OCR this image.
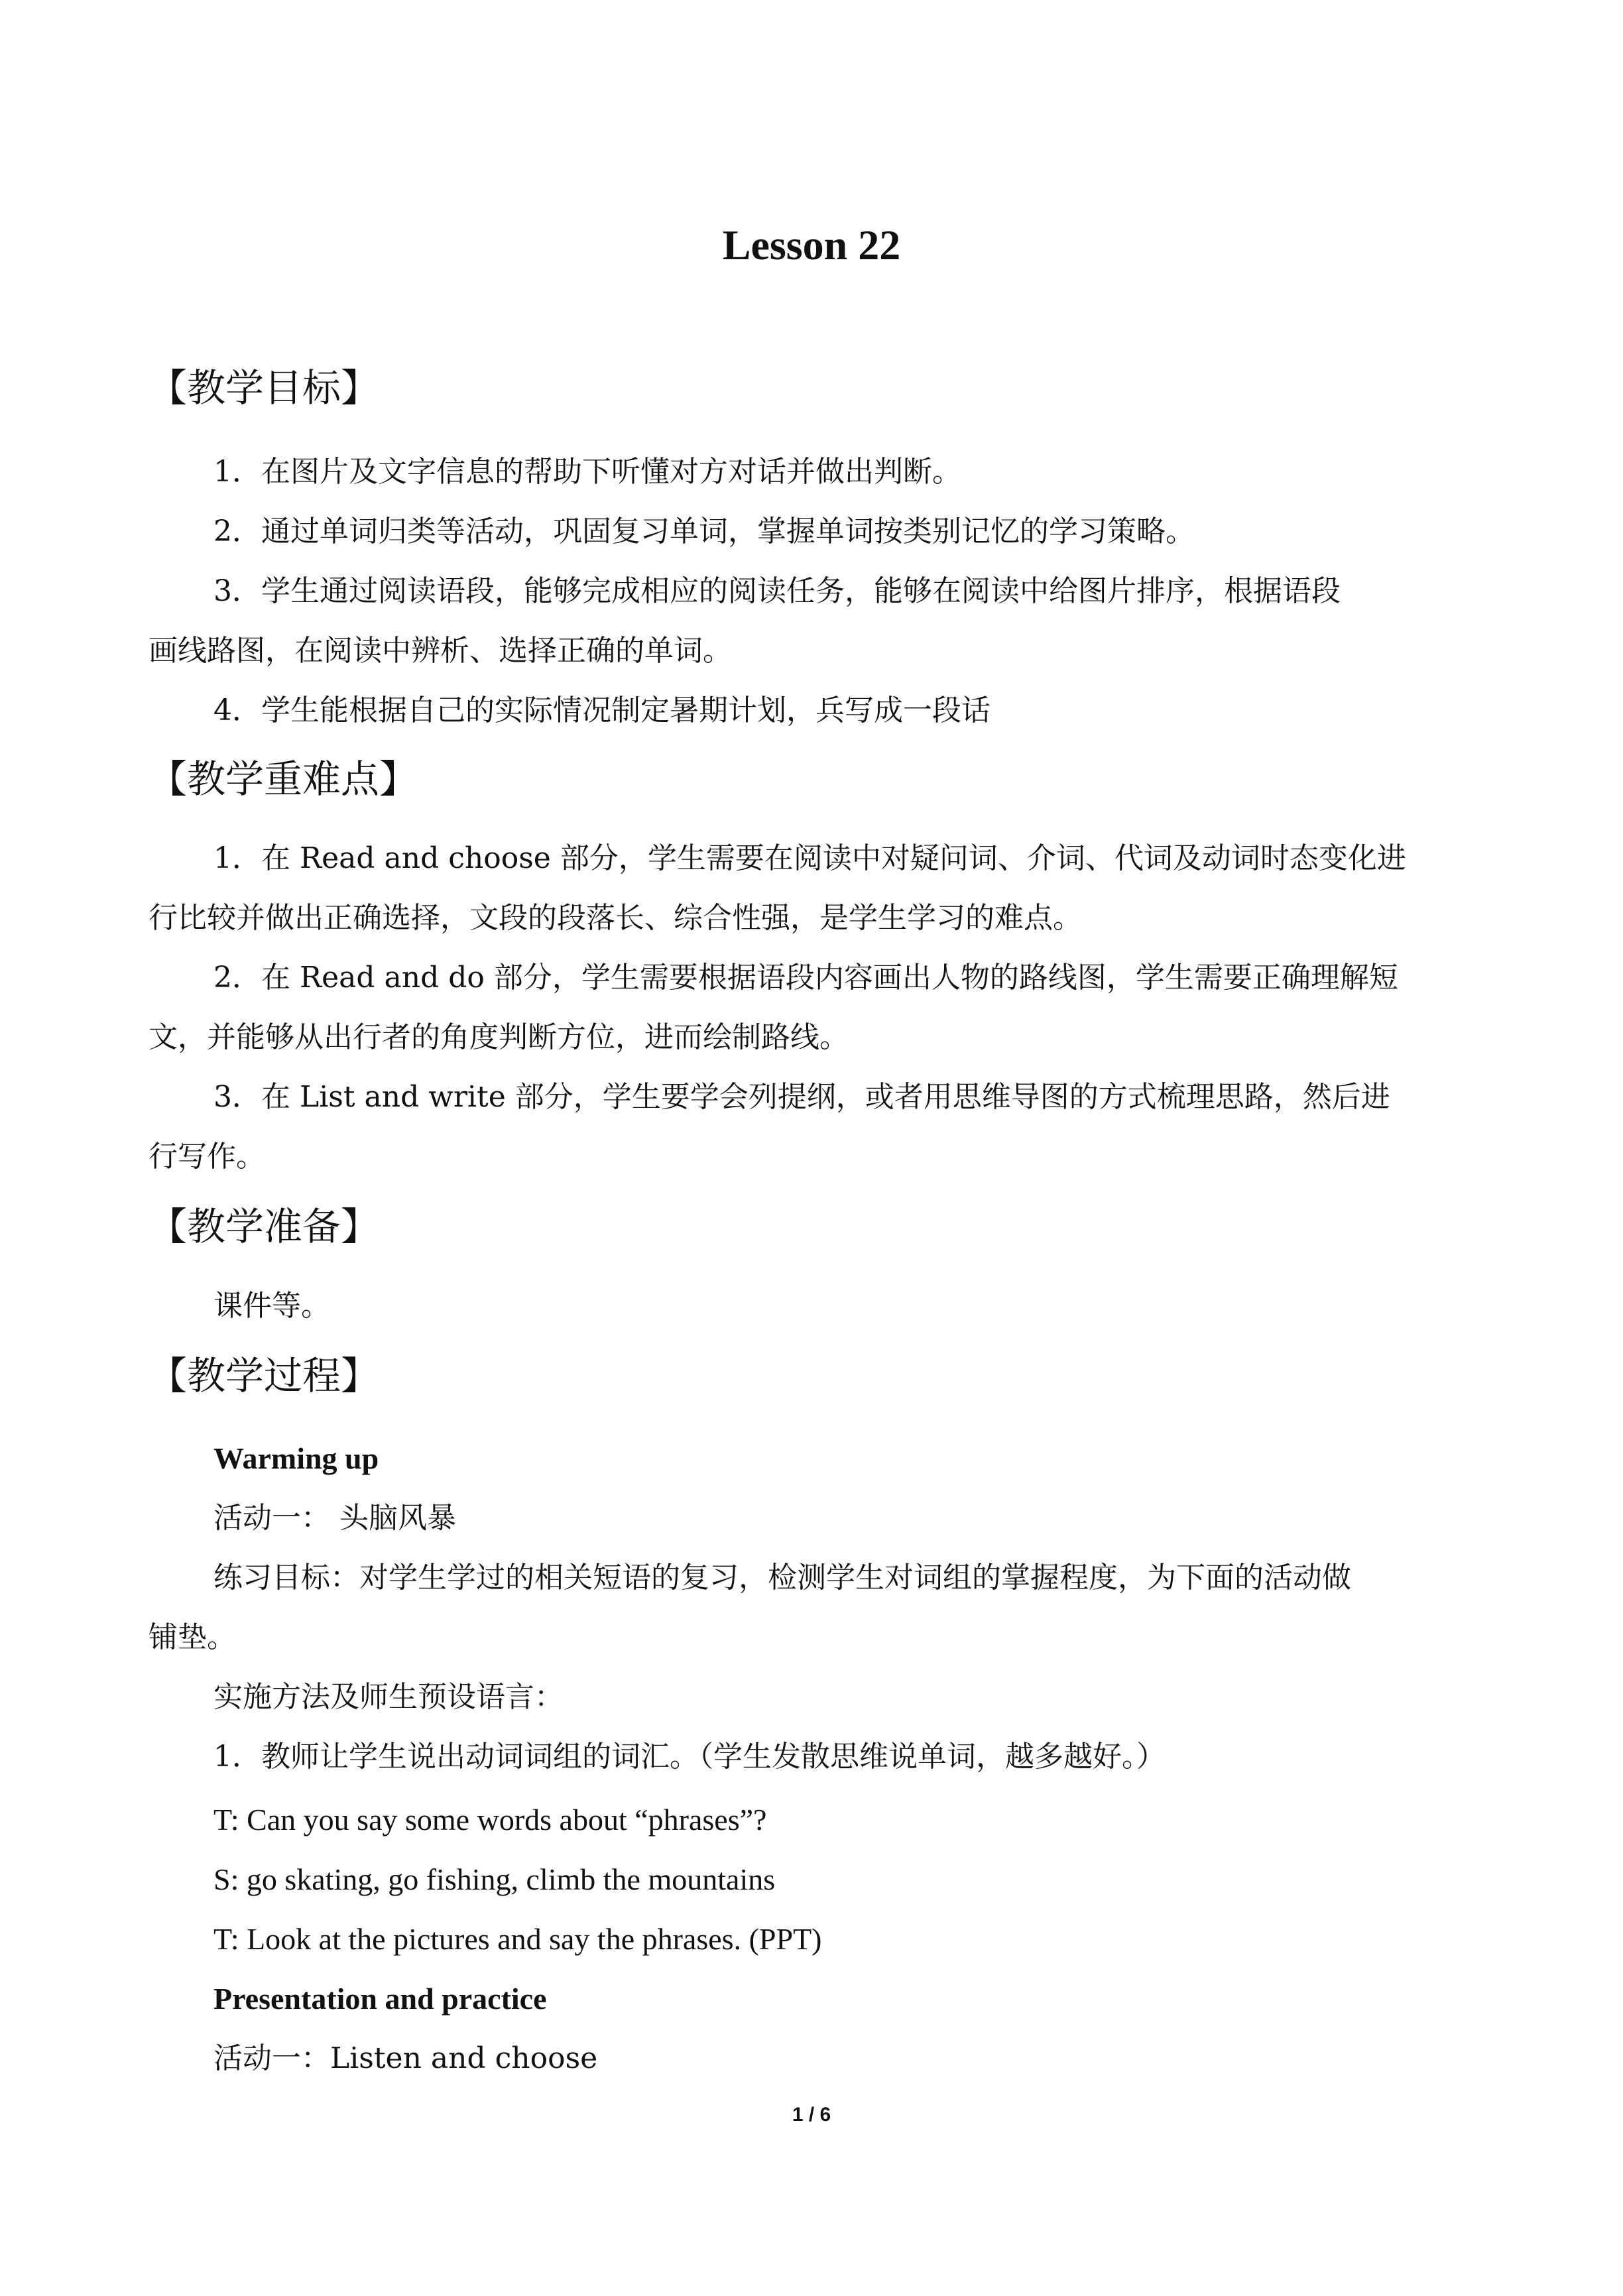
Lesson 22
【教学目标】
1．在图片及文字信息的帮助下听懂对方对话并做出判断。
2．通过单词归类等活动，巩固复习单词，掌握单词按类别记忆的学习策略。
3．学生通过阅读语段，能够完成相应的阅读任务，能够在阅读中给图片排序，根据语段
画线路图，在阅读中辨析、选择正确的单词。
4．学生能根据自己的实际情况制定暑期计划，兵写成一段话
【教学重难点】
1．在 Read and choose 部分，学生需要在阅读中对疑问词、介词、代词及动词时态变化进
行比较并做出正确选择，文段的段落长、综合性强，是学生学习的难点。
2．在 Read and do 部分，学生需要根据语段内容画出人物的路线图，学生需要正确理解短
文，并能够从出行者的角度判断方位，进而绘制路线。
3．在 List and write 部分，学生要学会列提纲，或者用思维导图的方式梳理思路，然后进
行写作。
【教学准备】
课件等。
【教学过程】
Warming up
活动一： 头脑风暴
练习目标：对学生学过的相关短语的复习，检测学生对词组的掌握程度，为下面的活动做
铺垫。
实施方法及师生预设语言：
1．教师让学生说出动词词组的词汇。（学生发散思维说单词，越多越好。）
T: Can you say some words about “phrases”?
S: go skating, go fishing, climb the mountains
T: Look at the pictures and say the phrases. (PPT)
Presentation and practice
活动一：Listen and choose
1 / 6
